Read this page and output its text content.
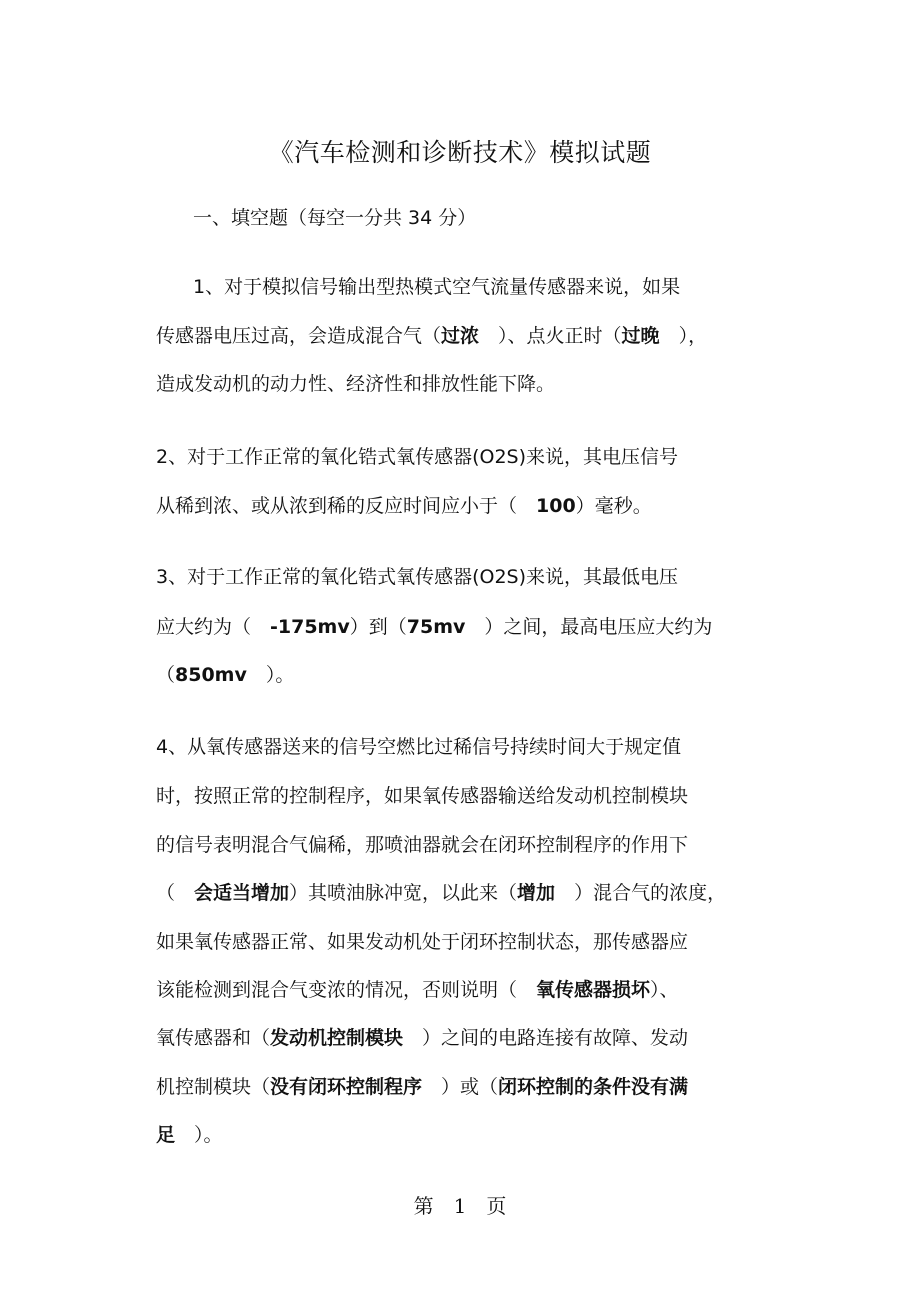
《汽车检测和诊断技术》模拟试题
一、填空题（每空一分共 34 分）
1、对于模拟信号输出型热模式空气流量传感器来说，如果
传感器电压过高，会造成混合气（过浓　）、点火正时（过晚　），
造成发动机的动力性、经济性和排放性能下降。
2、对于工作正常的氧化锆式氧传感器(O2S)来说，其电压信号
从稀到浓、或从浓到稀的反应时间应小于（　100）毫秒。
3、对于工作正常的氧化锆式氧传感器(O2S)来说，其最低电压
应大约为（　-175mv）到（75mv　）之间，最高电压应大约为
（850mv　）。
4、从氧传感器送来的信号空燃比过稀信号持续时间大于规定值
时，按照正常的控制程序，如果氧传感器输送给发动机控制模块
的信号表明混合气偏稀，那喷油器就会在闭环控制程序的作用下
（　会适当增加）其喷油脉冲宽，以此来（增加　）混合气的浓度，
如果氧传感器正常、如果发动机处于闭环控制状态，那传感器应
该能检测到混合气变浓的情况，否则说明（　氧传感器损坏）、
氧传感器和（发动机控制模块　）之间的电路连接有故障、发动
机控制模块（没有闭环控制程序　）或（闭环控制的条件没有满
足　）。
第　1　页
